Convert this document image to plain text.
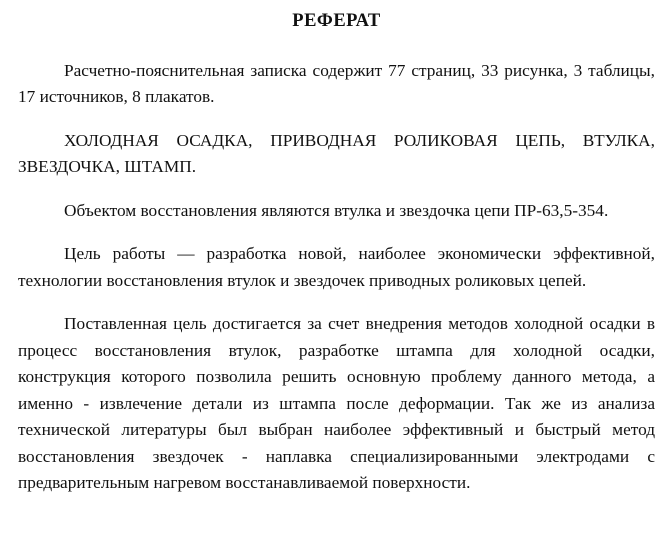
РЕФЕРАТ

Расчетно-пояснительная записка содержит 77 страниц, 33 рисунка, 3 таблицы, 17 источников, 8 плакатов.

ХОЛОДНАЯ ОСАДКА, ПРИВОДНАЯ РОЛИКОВАЯ ЦЕПЬ, ВТУЛКА, ЗВЕЗДОЧКА, ШТАМП.

Объектом восстановления являются втулка и звездочка цепи ПР-63,5-354.

Цель работы — разработка новой, наиболее экономически эффективной, технологии восстановления втулок и звездочек приводных роликовых цепей.

Поставленная цель достигается за счет внедрения методов холодной осадки в процесс восстановления втулок, разработке штампа для холодной осадки, конструкция которого позволила решить основную проблему данного метода, а именно - извлечение детали из штампа после деформации. Так же из анализа технической литературы был выбран наиболее эффективный и быстрый метод восстановления звездочек - наплавка специализированными электродами с предварительным нагревом восстанавливаемой поверхности.
